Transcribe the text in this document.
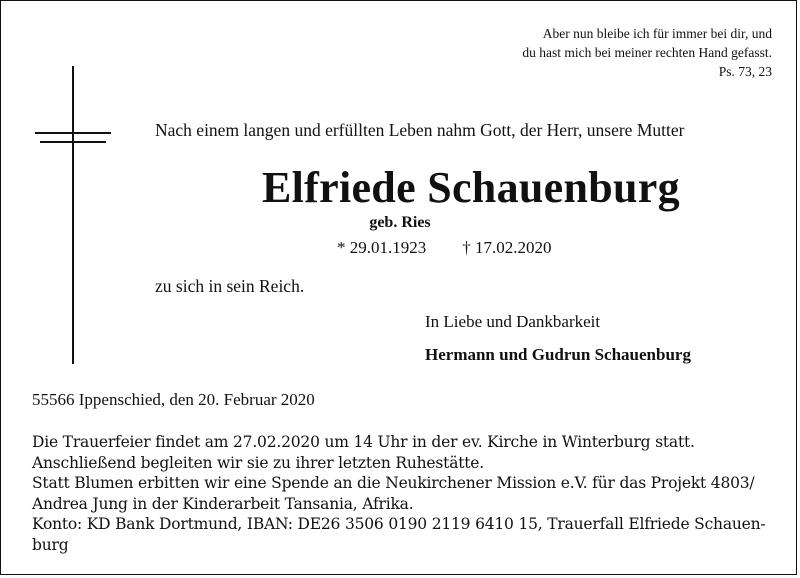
Aber nun bleibe ich für immer bei dir, und
du hast mich bei meiner rechten Hand gefasst.
Ps. 73, 23
Nach einem langen und erfüllten Leben nahm Gott, der Herr, unsere Mutter
Elfriede Schauenburg
geb. Ries
* 29.01.1923 † 17.02.2020
zu sich in sein Reich.
In Liebe und Dankbarkeit
Hermann und Gudrun Schauenburg
55566 Ippenschied, den 20. Februar 2020
Die Trauerfeier findet am 27.02.2020 um 14 Uhr in der ev. Kirche in Winterburg statt.
Anschließend begleiten wir sie zu ihrer letzten Ruhestätte.
Statt Blumen erbitten wir eine Spende an die Neukirchener Mission e.V. für das Projekt 4803/
Andrea Jung in der Kinderarbeit Tansania, Afrika.
Konto: KD Bank Dortmund, IBAN: DE26 3506 0190 2119 6410 15, Trauerfall Elfriede Schauen-
burg
